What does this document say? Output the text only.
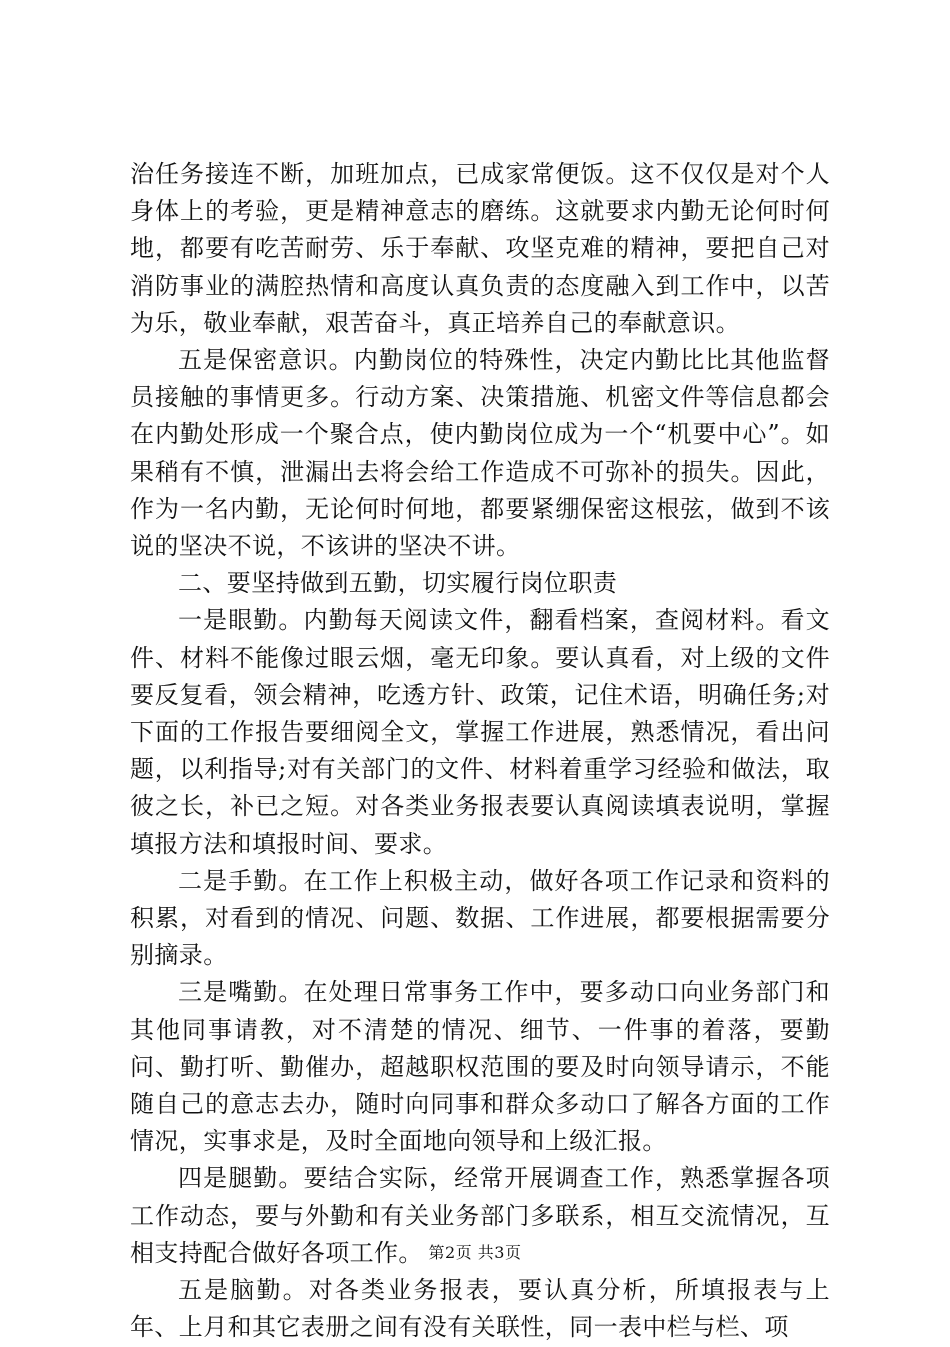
治任务接连不断，加班加点，已成家常便饭。这不仅仅是对个人身体上的考验，更是精神意志的磨练。这就要求内勤无论何时何地，都要有吃苦耐劳、乐于奉献、攻坚克难的精神，要把自己对消防事业的满腔热情和高度认真负责的态度融入到工作中，以苦为乐，敬业奉献，艰苦奋斗，真正培养自己的奉献意识。

五是保密意识。内勤岗位的特殊性，决定内勤比比其他监督员接触的事情更多。行动方案、决策措施、机密文件等信息都会在内勤处形成一个聚合点，使内勤岗位成为一个“机要中心”。如果稍有不慎，泄漏出去将会给工作造成不可弥补的损失。因此，作为一名内勤，无论何时何地，都要紧绷保密这根弦，做到不该说的坚决不说，不该讲的坚决不讲。

二、要坚持做到五勤，切实履行岗位职责

一是眼勤。内勤每天阅读文件，翻看档案，查阅材料。看文件、材料不能像过眼云烟，毫无印象。要认真看，对上级的文件要反复看，领会精神，吃透方针、政策，记住术语，明确任务;对下面的工作报告要细阅全文，掌握工作进展，熟悉情况，看出问题，以利指导;对有关部门的文件、材料着重学习经验和做法，取彼之长，补已之短。对各类业务报表要认真阅读填表说明，掌握填报方法和填报时间、要求。

二是手勤。在工作上积极主动，做好各项工作记录和资料的积累，对看到的情况、问题、数据、工作进展，都要根据需要分别摘录。

三是嘴勤。在处理日常事务工作中，要多动口向业务部门和其他同事请教，对不清楚的情况、细节、一件事的着落，要勤问、勤打听、勤催办，超越职权范围的要及时向领导请示，不能随自己的意志去办，随时向同事和群众多动口了解各方面的工作情况，实事求是，及时全面地向领导和上级汇报。

四是腿勤。要结合实际，经常开展调查工作，熟悉掌握各项工作动态，要与外勤和有关业务部门多联系，相互交流情况，互相支持配合做好各项工作。

五是脑勤。对各类业务报表，要认真分析，所填报表与上年、上月和其它表册之间有没有关联性，同一表中栏与栏、项

第2页 共3页
